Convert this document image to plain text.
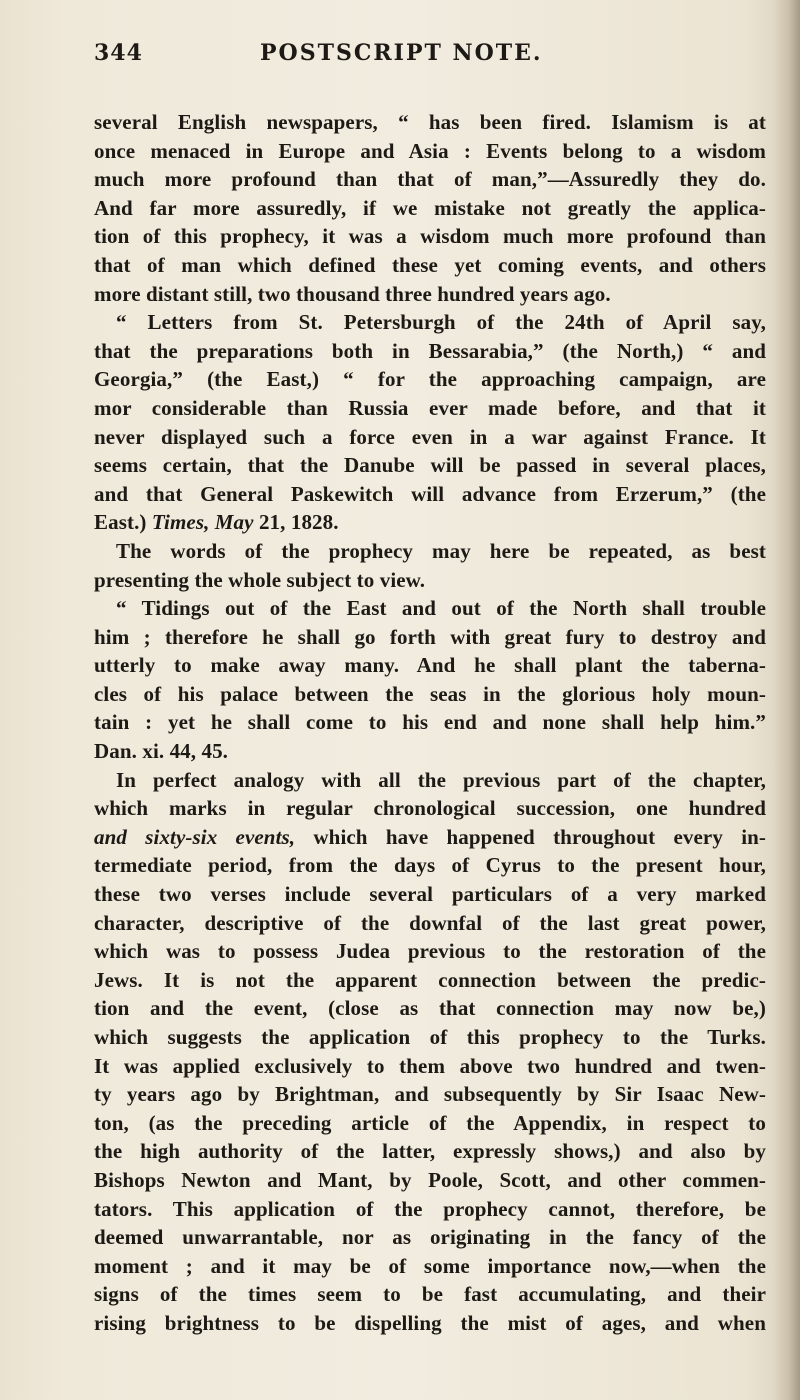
344	POSTSCRIPT NOTE.
several English newspapers, “ has been fired. Islamism is at
once menaced in Europe and Asia : Events belong to a wisdom
much more profound than that of man,”—Assuredly they do.
And far more assuredly, if we mistake not greatly the applica-
tion of this prophecy, it was a wisdom much more profound than
that of man which defined these yet coming events, and others
more distant still, two thousand three hundred years ago.
“ Letters from St. Petersburgh of the 24th of April say,
that the preparations both in Bessarabia,” (the North,) “ and
Georgia,” (the East,) “ for the approaching campaign, are
mor considerable than Russia ever made before, and that it
never displayed such a force even in a war against France. It
seems certain, that the Danube will be passed in several places,
and that General Paskewitch will advance from Erzerum,” (the
East.) Times, May 21, 1828.
The words of the prophecy may here be repeated, as best
presenting the whole subject to view.
“ Tidings out of the East and out of the North shall trouble
him ; therefore he shall go forth with great fury to destroy and
utterly to make away many. And he shall plant the taberna-
cles of his palace between the seas in the glorious holy moun-
tain : yet he shall come to his end and none shall help him.”
Dan. xi. 44, 45.
In perfect analogy with all the previous part of the chapter,
which marks in regular chronological succession, one hundred
and sixty-six events, which have happened throughout every in-
termediate period, from the days of Cyrus to the present hour,
these two verses include several particulars of a very marked
character, descriptive of the downfal of the last great power,
which was to possess Judea previous to the restoration of the
Jews. It is not the apparent connection between the predic-
tion and the event, (close as that connection may now be,)
which suggests the application of this prophecy to the Turks.
It was applied exclusively to them above two hundred and twen-
ty years ago by Brightman, and subsequently by Sir Isaac New-
ton, (as the preceding article of the Appendix, in respect to
the high authority of the latter, expressly shows,) and also by
Bishops Newton and Mant, by Poole, Scott, and other commen-
tators. This application of the prophecy cannot, therefore, be
deemed unwarrantable, nor as originating in the fancy of the
moment ; and it may be of some importance now,—when the
signs of the times seem to be fast accumulating, and their
rising brightness to be dispelling the mist of ages, and when
